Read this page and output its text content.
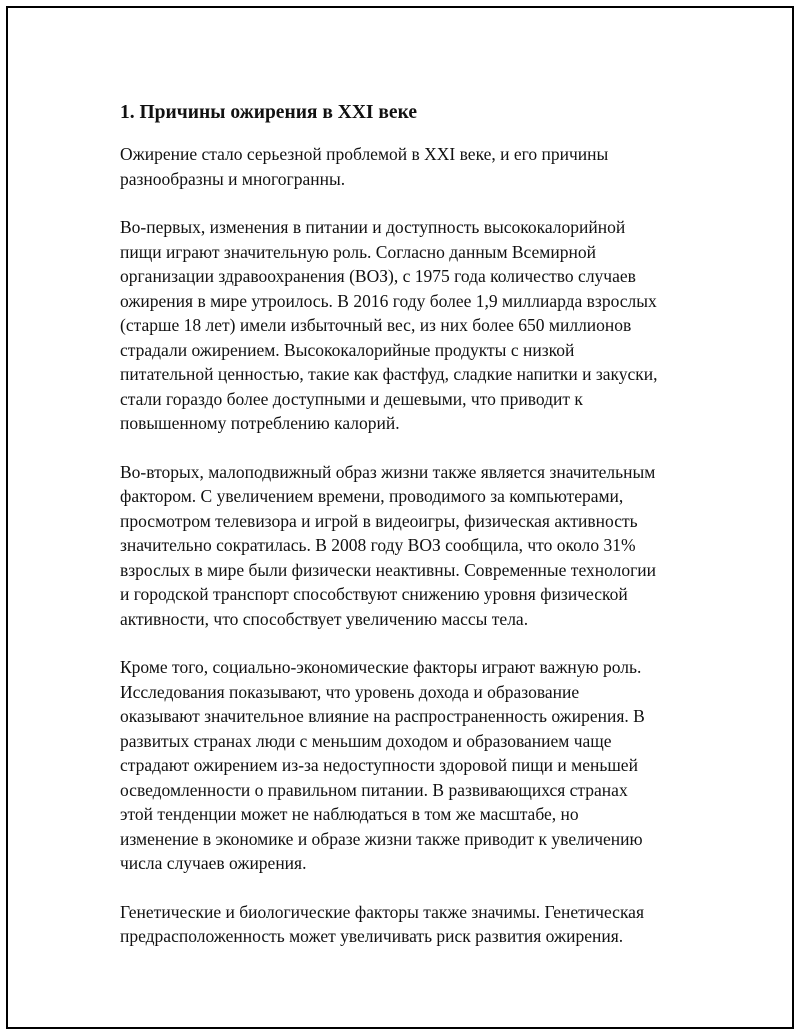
1. Причины ожирения в XXI веке

Ожирение стало серьезной проблемой в XXI веке, и его причины
разнообразны и многогранны.

Во-первых, изменения в питании и доступность высококалорийной
пищи играют значительную роль. Согласно данным Всемирной
организации здравоохранения (ВОЗ), с 1975 года количество случаев
ожирения в мире утроилось. В 2016 году более 1,9 миллиарда взрослых
(старше 18 лет) имели избыточный вес, из них более 650 миллионов
страдали ожирением. Высококалорийные продукты с низкой
питательной ценностью, такие как фастфуд, сладкие напитки и закуски,
стали гораздо более доступными и дешевыми, что приводит к
повышенному потреблению калорий.

Во-вторых, малоподвижный образ жизни также является значительным
фактором. С увеличением времени, проводимого за компьютерами,
просмотром телевизора и игрой в видеоигры, физическая активность
значительно сократилась. В 2008 году ВОЗ сообщила, что около 31%
взрослых в мире были физически неактивны. Современные технологии
и городской транспорт способствуют снижению уровня физической
активности, что способствует увеличению массы тела.

Кроме того, социально-экономические факторы играют важную роль.
Исследования показывают, что уровень дохода и образование
оказывают значительное влияние на распространенность ожирения. В
развитых странах люди с меньшим доходом и образованием чаще
страдают ожирением из-за недоступности здоровой пищи и меньшей
осведомленности о правильном питании. В развивающихся странах
этой тенденции может не наблюдаться в том же масштабе, но
изменение в экономике и образе жизни также приводит к увеличению
числа случаев ожирения.

Генетические и биологические факторы также значимы. Генетическая
предрасположенность может увеличивать риск развития ожирения.
